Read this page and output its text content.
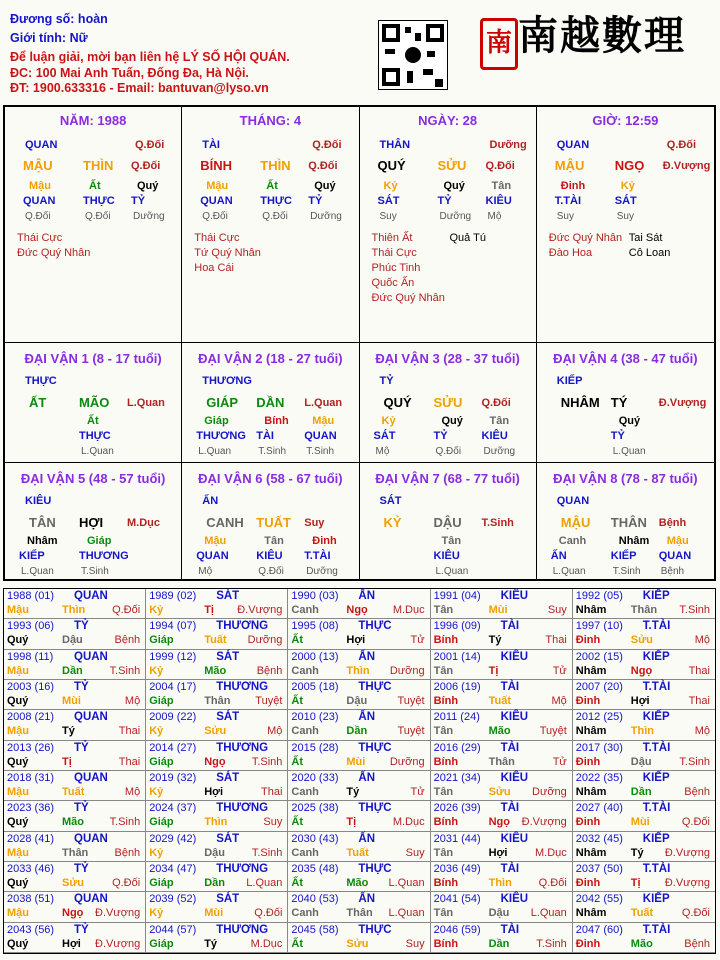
Đương số: hoàn
Giới tính: Nữ
Để luận giải, mời bạn liên hệ LÝ SỐ HỘI QUÁN.
ĐC: 100 Mai Anh Tuấn, Đống Đa, Hà Nội.
ĐT: 1900.633316 - Email: bantuvan@lyso.vn
南 南越數理
NĂM: 1988
QUAN	Q.Đối
MẬU THÌN Q.Đối
Mậu	Ất	Quý
QUAN	THỰC TỶ
Q.Đối	Q.Đối Dưỡng
Thái Cực
Đức Quý Nhân
THÁNG: 4
TÀI	Q.Đối
BÍNH THÌN Q.Đối
Mậu	Ất	Quý
QUAN	THỰC TỶ
Q.Đối	Q.Đối Dưỡng
Thái Cực
Tứ Quý Nhân
Hoa Cái
NGÀY: 28
THÂN	Dưỡng
QUÝ SỬU Q.Đối
Kỷ	Quý Tân
SÁT	TỶ	KIÊU
Suy	Dưỡng Mộ
Thiên Ất
Thái Cực
Phúc Tinh
Quốc Ấn
Đức Quý Nhân
Quả Tú
GIỜ: 12:59
QUAN	Q.Đối
MẬU NGỌ Đ.Vượng
Đinh	Kỷ
T.TÀI	SÁT
Suy	Suy
Đức Quý Nhân
Đào Hoa
Tai Sát
Cô Loan
ĐẠI VẬN 1 (8 - 17 tuổi)
THỰC
ẤT	MÃO L.Quan
Ất
THỰC
L.Quan
ĐẠI VẬN 2 (18 - 27 tuổi)
THƯƠNG
GIÁP DẦN L.Quan
Giáp	Bính Mậu
THƯƠNG TÀI	QUAN
L.Quan	T.Sinh T.Sinh
ĐẠI VẬN 3 (28 - 37 tuổi)
TỶ
QUÝ SỬU Q.Đối
Kỷ	Quý Tân
SÁT	TỶ	KIÊU
Mộ	Q.Đối Dưỡng
ĐẠI VẬN 4 (38 - 47 tuổi)
KIẾP
NHÂM TÝ	Đ.Vượng
Quý
TỶ
L.Quan
ĐẠI VẬN 5 (48 - 57 tuổi)
KIÊU
TÂN HỢI M.Dục
Nhâm	Giáp
KIẾP	THƯƠNG
L.Quan	T.Sinh
ĐẠI VẬN 6 (58 - 67 tuổi)
ẤN
CANH TUẤT Suy
Mậu	Tân	Đinh
QUAN	KIÊU T.TÀI
Mộ	Q.Đối Dưỡng
ĐẠI VẬN 7 (68 - 77 tuổi)
SÁT
KỶ DẬU T.Sinh
Tân
KIÊU
L.Quan
ĐẠI VẬN 8 (78 - 87 tuổi)
QUAN
MẬU THÂN Bệnh
Canh	Nhâm Mậu
ẤN	KIẾP QUAN
L.Quan	T.Sinh Bệnh
1988 (01) QUAN
Mậu	Thìn Q.Đối
1989 (02) SÁT
Kỷ	Tị Đ.Vượng
1990 (03) ẤN
Canh	Ngọ M.Dục
1991 (04) KIÊU
Tân	Mùi	Suy
1992 (05) KIẾP
Nhâm Thân T.Sinh
1993 (06) TỶ
Quý	Dậu	Bệnh
1994 (07) THƯƠNG
Giáp	Tuất Dưỡng
1995 (08) THỰC
Ất	Hợi	Tử
1996 (09) TÀI
Bính	Tý	Thai
1997 (10) T.TÀI
Đinh	Sửu	Mộ
1998 (11) QUAN
Mậu	Dần T.Sinh
1999 (12) SÁT
Kỷ	Mão	Bệnh
2000 (13) ẤN
Canh	Thìn Dưỡng
2001 (14) KIÊU
Tân	Tị	Tử
2002 (15) KIẾP
Nhâm Ngọ	Thai
2003 (16) TỶ
Quý	Mùi	Mộ
2004 (17) THƯƠNG
Giáp	Thân Tuyệt
2005 (18) THỰC
Ất	Dậu	Tuyệt
2006 (19) TÀI
Bính	Tuất	Mộ
2007 (20) T.TÀI
Đinh	Hợi	Thai
2008 (21) QUAN
Mậu	Tý	Thai
2009 (22) SÁT
Kỷ	Sửu	Mộ
2010 (23) ẤN
Canh	Dần	Tuyệt
2011 (24) KIÊU
Tân	Mão	Tuyệt
2012 (25) KIẾP
Nhâm Thìn	Mộ
2013 (26) TỶ
Quý	Tị	Thai
2014 (27) THƯƠNG
Giáp	Ngọ T.Sinh
2015 (28) THỰC
Ất	Mùi Dưỡng
2016 (29) TÀI
Bính	Thân	Tử
2017 (30) T.TÀI
Đinh	Dậu	T.Sinh
2018 (31) QUAN
Mậu	Tuất	Mộ
2019 (32) SÁT
Kỷ	Hợi	Thai
2020 (33) ẤN
Canh	Tý	Tử
2021 (34) KIÊU
Tân	Sửu Dưỡng
2022 (35) KIẾP
Nhâm Dần	Bệnh
2023 (36) TỶ
Quý	Mão T.Sinh
2024 (37) THƯƠNG
Giáp	Thìn	Suy
2025 (38) THỰC
Ất	Tị	M.Dục
2026 (39) TÀI
Bính	Ngọ Đ.Vượng
2027 (40) T.TÀI
Đinh	Mùi	Q.Đối
2028 (41) QUAN
Mậu	Thân Bệnh
2029 (42) SÁT
Kỷ	Dậu T.Sinh
2030 (43) ẤN
Canh	Tuất	Suy
2031 (44) KIÊU
Tân	Hợi	M.Dục
2032 (45) KIẾP
Nhâm Tý Đ.Vượng
2033 (46) TỶ
Quý	Sửu	Q.Đối
2034 (47) THƯƠNG
Giáp	Dần L.Quan
2035 (48) THỰC
Ất	Mão L.Quan
2036 (49) TÀI
Bính	Thìn Q.Đối
2037 (50) T.TÀI
Đinh	Tị Đ.Vượng
2038 (51) QUAN
Mậu	Ngọ Đ.Vượng
2039 (52) SÁT
Kỷ	Mùi	Q.Đối
2040 (53) ẤN
Canh	Thân L.Quan
2041 (54) KIÊU
Tân	Dậu L.Quan
2042 (55) KIẾP
Nhâm Tuất	Q.Đối
2043 (56) TỶ
Quý	Hợi Đ.Vượng
2044 (57) THƯƠNG
Giáp	Tý	M.Dục
2045 (58) THỰC
Ất	Sửu	Suy
2046 (59) TÀI
Bính	Dần T.Sinh
2047 (60) T.TÀI
Đinh	Mão	Bệnh
